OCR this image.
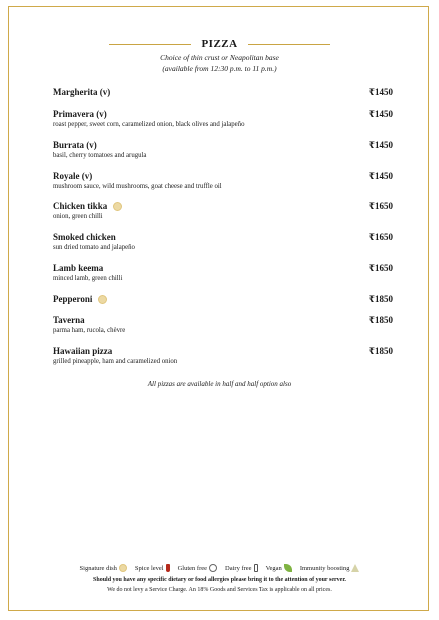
PIZZA
Choice of thin crust or Neapolitan base
(available from 12:30 p.m. to 11 p.m.)
Margherita (v)	₹1450
Primavera (v)
roast pepper, sweet corn, caramelized onion, black olives and jalapeño
₹1450
Burrata (v)
basil, cherry tomatoes and arugula
₹1450
Royale (v)
mushroom sauce, wild mushrooms, goat cheese and truffle oil
₹1450
Chicken tikka
onion, green chilli
₹1650
Smoked chicken
sun dried tomato and jalapeño
₹1650
Lamb keema
minced lamb, green chilli
₹1650
Pepperoni	₹1850
Taverna
parma ham, rucola, chèvre
₹1850
Hawaiian pizza
grilled pineapple, ham and caramelized onion
₹1850
All pizzas are available in half and half option also
Signature dish	Spice level Gluten free	Dairy free Vegan	Immunity boosting
Should you have any specific dietary or food allergies please bring it to the attention of your server.
We do not levy a Service Charge. An 18% Goods and Services Tax is applicable on all prices.
